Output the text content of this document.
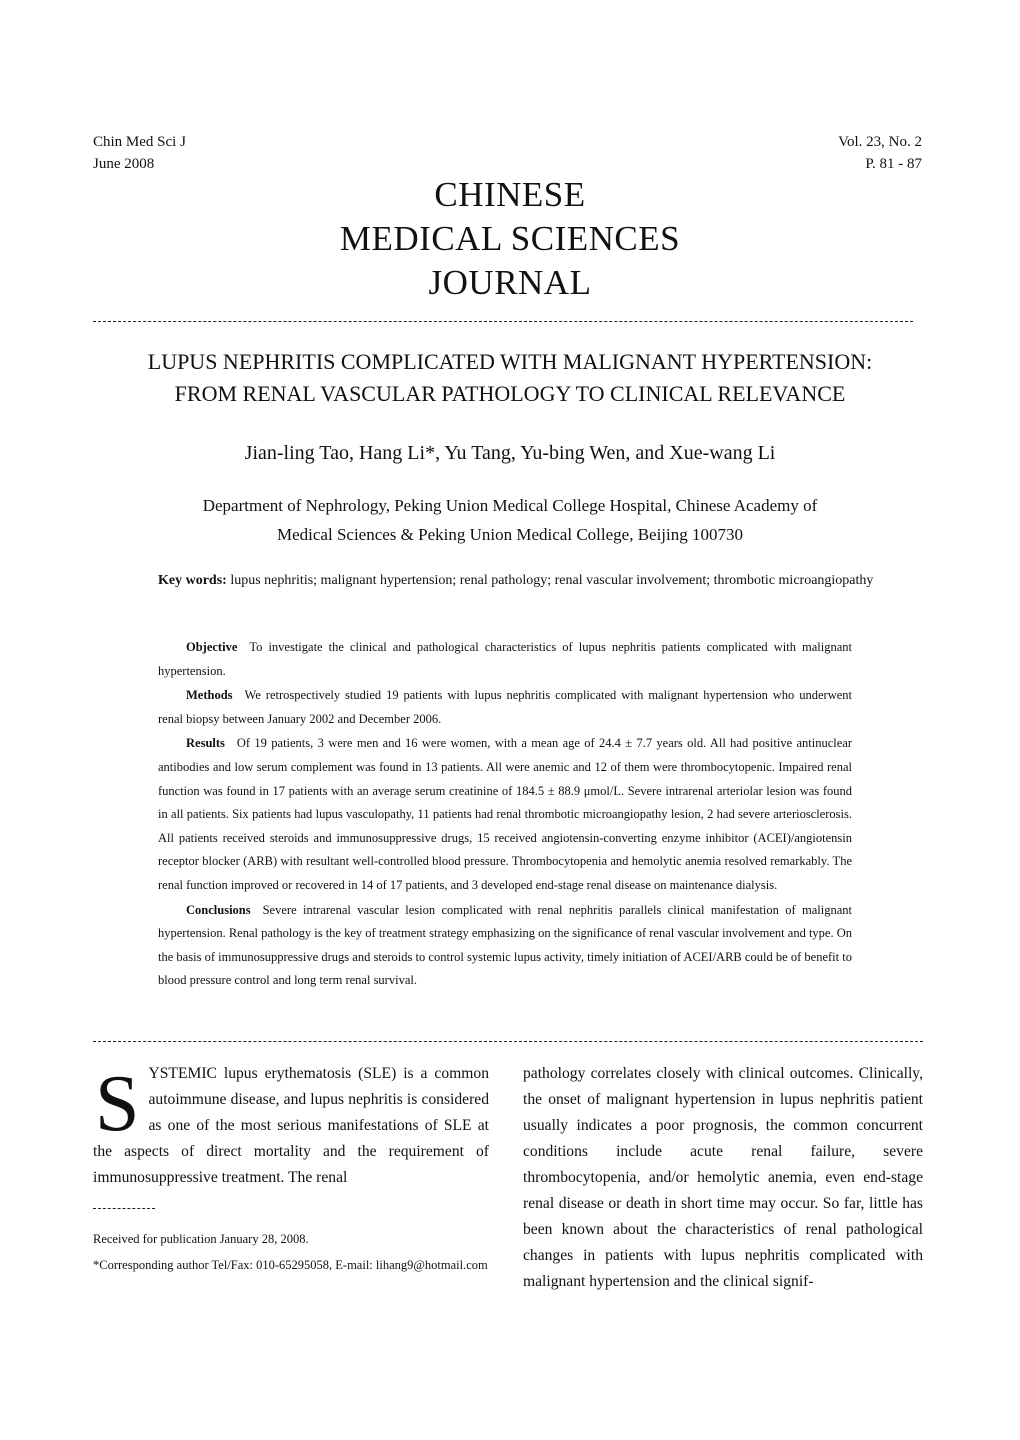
Chin Med Sci J
June 2008
Vol. 23, No. 2
P. 81 - 87
CHINESE
MEDICAL SCIENCES
JOURNAL
LUPUS NEPHRITIS COMPLICATED WITH MALIGNANT HYPERTENSION:
FROM RENAL VASCULAR PATHOLOGY TO CLINICAL RELEVANCE
Jian-ling Tao, Hang Li*, Yu Tang, Yu-bing Wen, and Xue-wang Li
Department of Nephrology, Peking Union Medical College Hospital, Chinese Academy of
Medical Sciences & Peking Union Medical College, Beijing 100730
Key words: lupus nephritis; malignant hypertension; renal pathology; renal vascular involvement; thrombotic microangiopathy

Objective To investigate the clinical and pathological characteristics of lupus nephritis patients complicated with malignant hypertension.

Methods We retrospectively studied 19 patients with lupus nephritis complicated with malignant hypertension who underwent renal biopsy between January 2002 and December 2006.

Results Of 19 patients, 3 were men and 16 were women, with a mean age of 24.4 ± 7.7 years old. All had positive antinuclear antibodies and low serum complement was found in 13 patients. All were anemic and 12 of them were thrombocytopenic. Impaired renal function was found in 17 patients with an average serum creatinine of 184.5 ± 88.9 μmol/L. Severe intrarenal arteriolar lesion was found in all patients. Six patients had lupus vasculopathy, 11 patients had renal thrombotic microangiopathy lesion, 2 had severe arteriosclerosis. All patients received steroids and immunosuppressive drugs, 15 received angiotensin-converting enzyme inhibitor (ACEI)/angiotensin receptor blocker (ARB) with resultant well-controlled blood pressure. Thrombocytopenia and hemolytic anemia resolved remarkably. The renal function improved or recovered in 14 of 17 patients, and 3 developed end-stage renal disease on maintenance dialysis.

Conclusions Severe intrarenal vascular lesion complicated with renal nephritis parallels clinical manifestation of malignant hypertension. Renal pathology is the key of treatment strategy emphasizing on the significance of renal vascular involvement and type. On the basis of immunosuppressive drugs and steroids to control systemic lupus activity, timely initiation of ACEI/ARB could be of benefit to blood pressure control and long term renal survival.

SYSTEMIC lupus erythematosis (SLE) is a common autoimmune disease, and lupus nephritis is considered as one of the most serious manifestations of SLE at the aspects of direct mortality and the requirement of immunosuppressive treatment. The renal
pathology correlates closely with clinical outcomes. Clinically, the onset of malignant hypertension in lupus nephritis patient usually indicates a poor prognosis, the common concurrent conditions include acute renal failure, severe thrombocytopenia, and/or hemolytic anemia, even end-stage renal disease or death in short time may occur. So far, little has been known about the characteristics of renal pathological changes in patients with lupus nephritis complicated with malignant hypertension and the clinical signif-
Received for publication January 28, 2008.
*Corresponding author Tel/Fax: 010-65295058, E-mail: lihang9@hotmail.com
